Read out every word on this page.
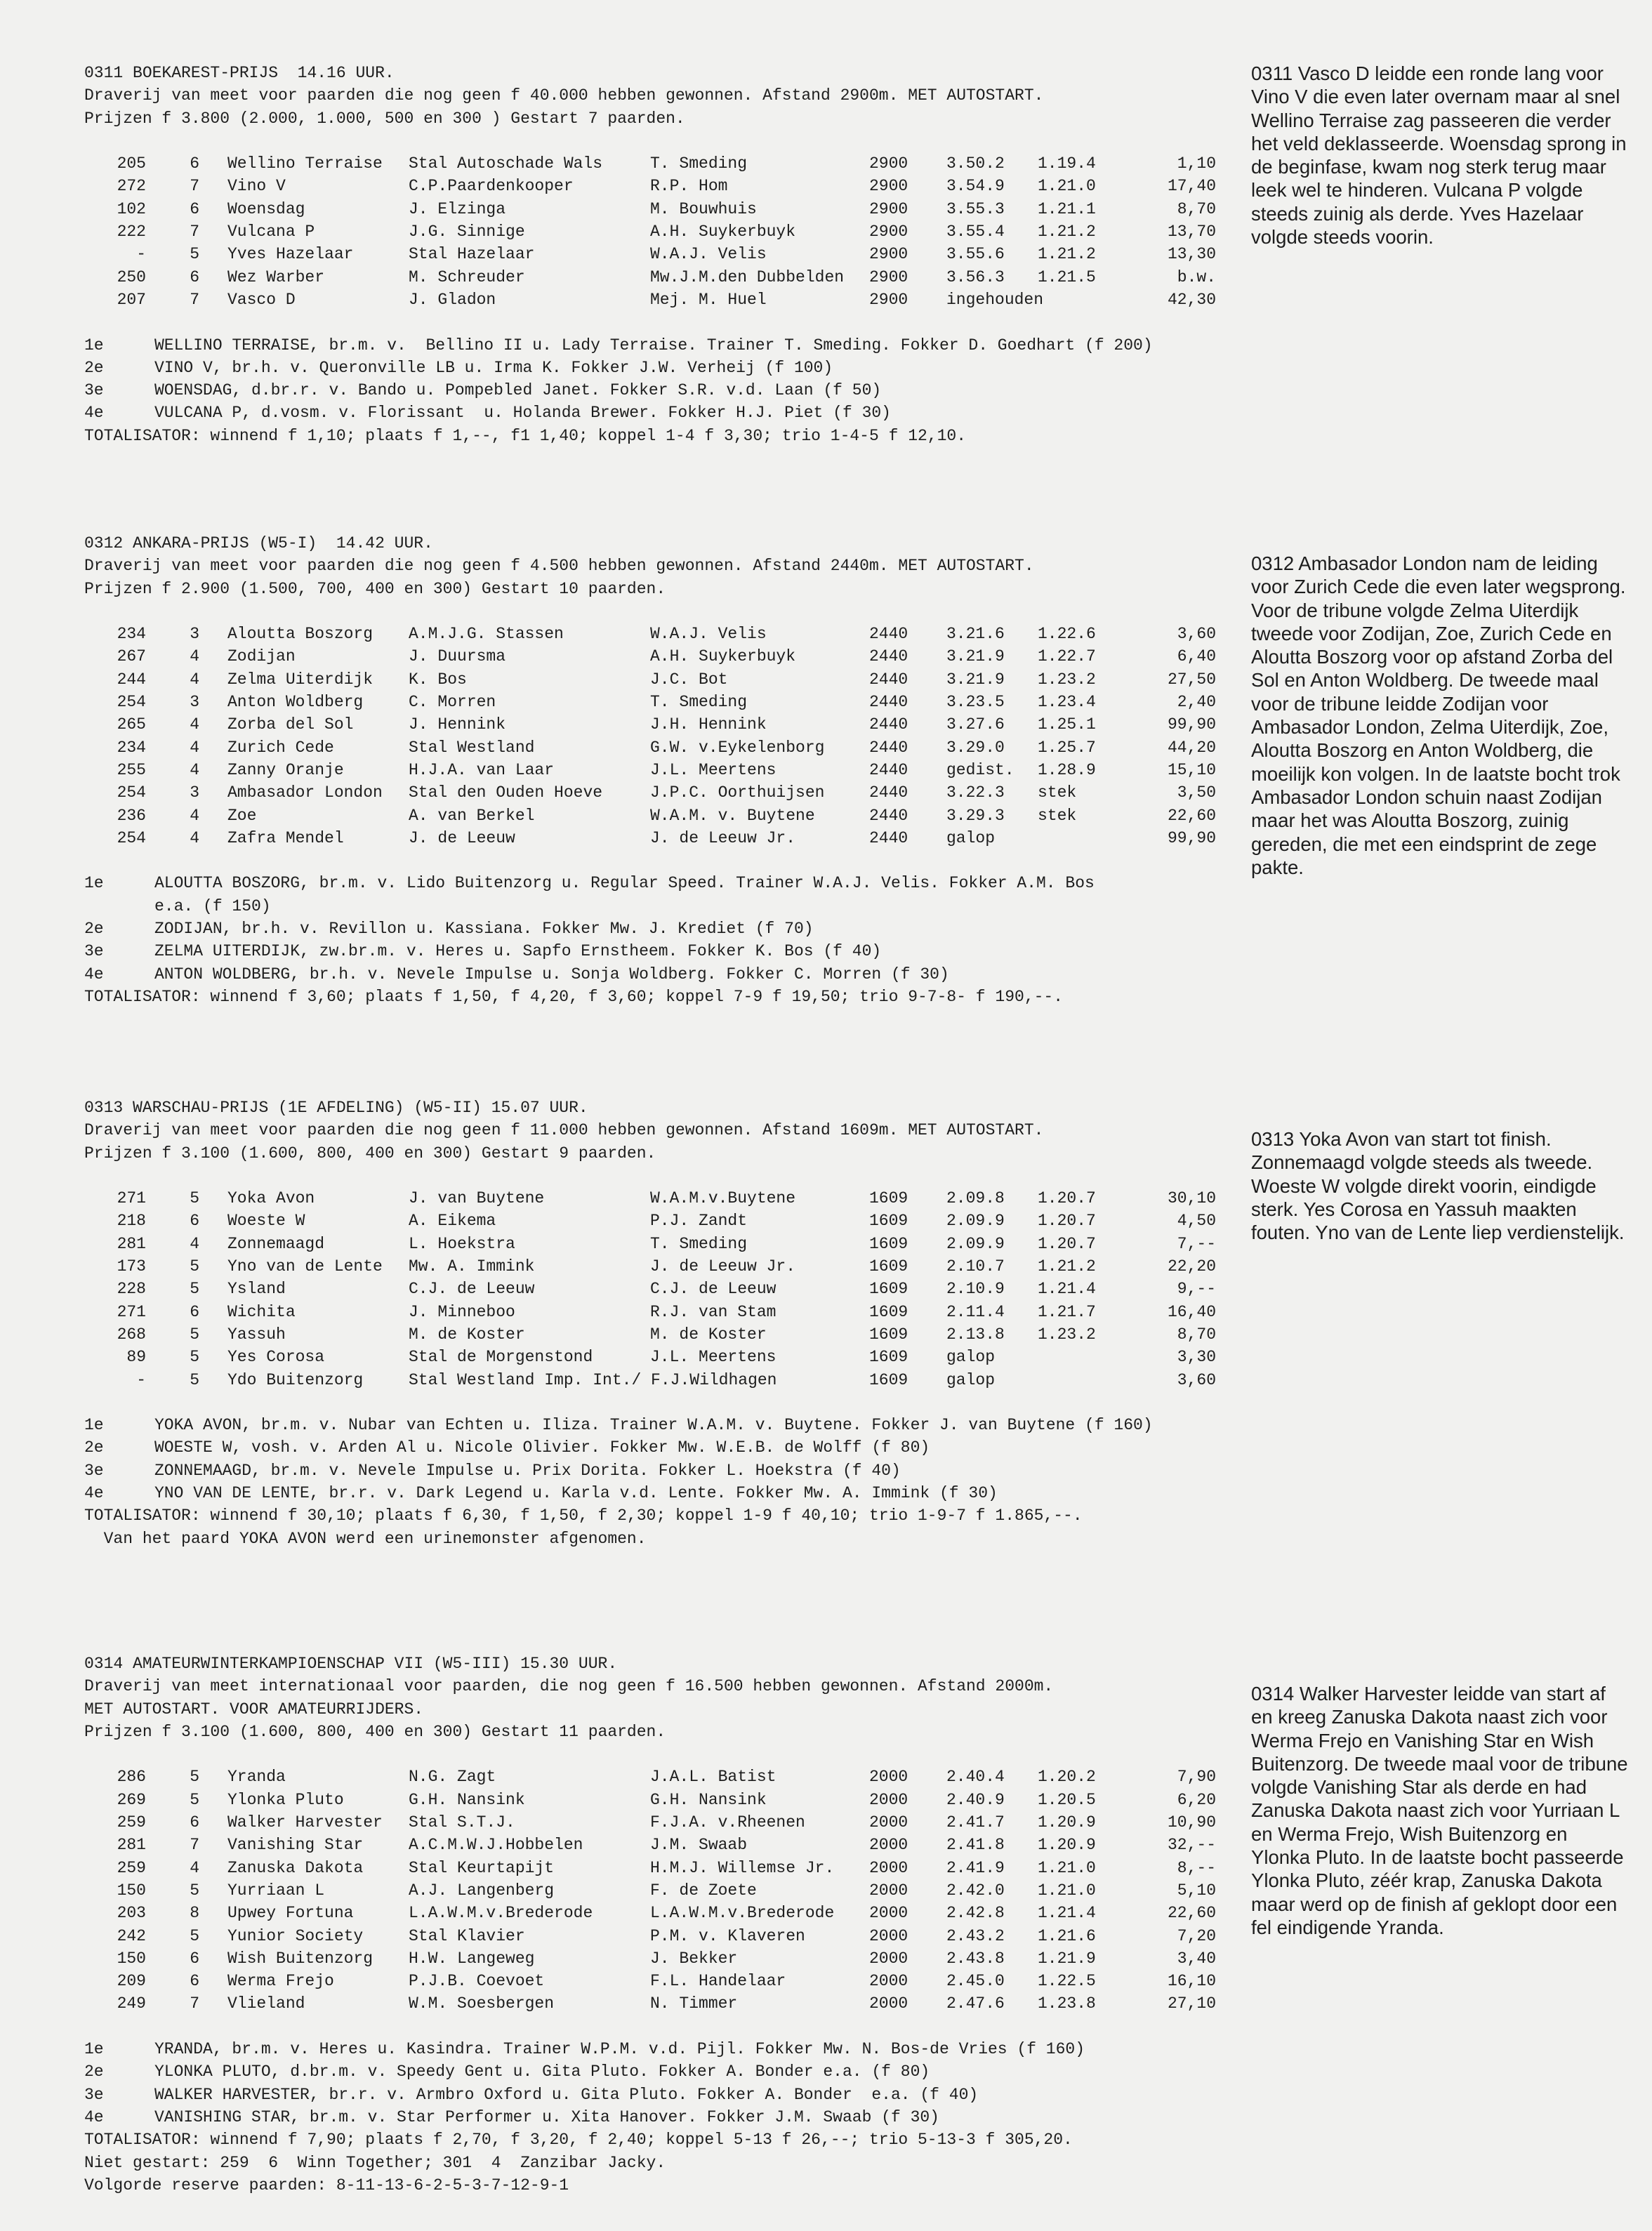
0311 BOEKAREST-PRIJS  14.16 UUR.
Draverij van meet voor paarden die nog geen f 40.000 hebben gewonnen. Afstand 2900m. MET AUTOSTART.
Prijzen f 3.800 (2.000, 1.000, 500 en 300 ) Gestart 7 paarden.
205	6	Wellino Terraise	Stal Autoschade Wals	T. Smeding	2900	3.50.2	1.19.4	1,10
272	7	Vino V	C.P.Paardenkooper	R.P. Hom	2900	3.54.9	1.21.0	17,40
102	6	Woensdag	J. Elzinga	M. Bouwhuis	2900	3.55.3	1.21.1	8,70
222	7	Vulcana P	J.G. Sinnige	A.H. Suykerbuyk	2900	3.55.4	1.21.2	13,70
-	5	Yves Hazelaar	Stal Hazelaar	W.A.J. Velis	2900	3.55.6	1.21.2	13,30
250	6	Wez Warber	M. Schreuder	Mw.J.M.den Dubbelden	2900	3.56.3	1.21.5	b.w.
207	7	Vasco D	J. Gladon	Mej. M. Huel	2900	ingehouden	42,30
1e	WELLINO TERRAISE, br.m. v.  Bellino II u. Lady Terraise. Trainer T. Smeding. Fokker D. Goedhart (f 200)
2e	VINO V, br.h. v. Queronville LB u. Irma K. Fokker J.W. Verheij (f 100)
3e	WOENSDAG, d.br.r. v. Bando u. Pompebled Janet. Fokker S.R. v.d. Laan (f 50)
4e	VULCANA P, d.vosm. v. Florissant  u. Holanda Brewer. Fokker H.J. Piet (f 30)
TOTALISATOR: winnend f 1,10; plaats f 1,--, f1 1,40; koppel 1-4 f 3,30; trio 1-4-5 f 12,10.

0312 ANKARA-PRIJS (W5-I)  14.42 UUR.
Draverij van meet voor paarden die nog geen f 4.500 hebben gewonnen. Afstand 2440m. MET AUTOSTART.
Prijzen f 2.900 (1.500, 700, 400 en 300) Gestart 10 paarden.
234	3	Aloutta Boszorg	A.M.J.G. Stassen	W.A.J. Velis	2440	3.21.6	1.22.6	3,60
267	4	Zodijan	J. Duursma	A.H. Suykerbuyk	2440	3.21.9	1.22.7	6,40
244	4	Zelma Uiterdijk	K. Bos	J.C. Bot	2440	3.21.9	1.23.2	27,50
254	3	Anton Woldberg	C. Morren	T. Smeding	2440	3.23.5	1.23.4	2,40
265	4	Zorba del Sol	J. Hennink	J.H. Hennink	2440	3.27.6	1.25.1	99,90
234	4	Zurich Cede	Stal Westland	G.W. v.Eykelenborg	2440	3.29.0	1.25.7	44,20
255	4	Zanny Oranje	H.J.A. van Laar	J.L. Meertens	2440	gedist.	1.28.9	15,10
254	3	Ambasador London	Stal den Ouden Hoeve	J.P.C. Oorthuijsen	2440	3.22.3	stek	3,50
236	4	Zoe	A. van Berkel	W.A.M. v. Buytene	2440	3.29.3	stek	22,60
254	4	Zafra Mendel	J. de Leeuw	J. de Leeuw Jr.	2440	galop	99,90
1e	ALOUTTA BOSZORG, br.m. v. Lido Buitenzorg u. Regular Speed. Trainer W.A.J. Velis. Fokker A.M. Bos
e.a. (f 150)
2e	ZODIJAN, br.h. v. Revillon u. Kassiana. Fokker Mw. J. Krediet (f 70)
3e	ZELMA UITERDIJK, zw.br.m. v. Heres u. Sapfo Ernstheem. Fokker K. Bos (f 40)
4e	ANTON WOLDBERG, br.h. v. Nevele Impulse u. Sonja Woldberg. Fokker C. Morren (f 30)
TOTALISATOR: winnend f 3,60; plaats f 1,50, f 4,20, f 3,60; koppel 7-9 f 19,50; trio 9-7-8- f 190,--.

0313 WARSCHAU-PRIJS (1E AFDELING) (W5-II) 15.07 UUR.
Draverij van meet voor paarden die nog geen f 11.000 hebben gewonnen. Afstand 1609m. MET AUTOSTART.
Prijzen f 3.100 (1.600, 800, 400 en 300) Gestart 9 paarden.
271	5	Yoka Avon	J. van Buytene	W.A.M.v.Buytene	1609	2.09.8	1.20.7	30,10
218	6	Woeste W	A. Eikema	P.J. Zandt	1609	2.09.9	1.20.7	4,50
281	4	Zonnemaagd	L. Hoekstra	T. Smeding	1609	2.09.9	1.20.7	7,--
173	5	Yno van de Lente	Mw. A. Immink	J. de Leeuw Jr.	1609	2.10.7	1.21.2	22,20
228	5	Ysland	C.J. de Leeuw	C.J. de Leeuw	1609	2.10.9	1.21.4	9,--
271	6	Wichita	J. Minneboo	R.J. van Stam	1609	2.11.4	1.21.7	16,40
268	5	Yassuh	M. de Koster	M. de Koster	1609	2.13.8	1.23.2	8,70
89	5	Yes Corosa	Stal de Morgenstond	J.L. Meertens	1609	galop	3,30
-	5	Ydo Buitenzorg	Stal Westland Imp. Int./ F.J.Wildhagen	1609	galop	3,60
1e	YOKA AVON, br.m. v. Nubar van Echten u. Iliza. Trainer W.A.M. v. Buytene. Fokker J. van Buytene (f 160)
2e	WOESTE W, vosh. v. Arden Al u. Nicole Olivier. Fokker Mw. W.E.B. de Wolff (f 80)
3e	ZONNEMAAGD, br.m. v. Nevele Impulse u. Prix Dorita. Fokker L. Hoekstra (f 40)
4e	YNO VAN DE LENTE, br.r. v. Dark Legend u. Karla v.d. Lente. Fokker Mw. A. Immink (f 30)
TOTALISATOR: winnend f 30,10; plaats f 6,30, f 1,50, f 2,30; koppel 1-9 f 40,10; trio 1-9-7 f 1.865,--.
Van het paard YOKA AVON werd een urinemonster afgenomen.

0314 AMATEURWINTERKAMPIOENSCHAP VII (W5-III) 15.30 UUR.
Draverij van meet internationaal voor paarden, die nog geen f 16.500 hebben gewonnen. Afstand 2000m.
MET AUTOSTART. VOOR AMATEURRIJDERS.
Prijzen f 3.100 (1.600, 800, 400 en 300) Gestart 11 paarden.
286	5	Yranda	N.G. Zagt	J.A.L. Batist	2000	2.40.4	1.20.2	7,90
269	5	Ylonka Pluto	G.H. Nansink	G.H. Nansink	2000	2.40.9	1.20.5	6,20
259	6	Walker Harvester	Stal S.T.J.	F.J.A. v.Rheenen	2000	2.41.7	1.20.9	10,90
281	7	Vanishing Star	A.C.M.W.J.Hobbelen	J.M. Swaab	2000	2.41.8	1.20.9	32,--
259	4	Zanuska Dakota	Stal Keurtapijt	H.M.J. Willemse Jr.	2000	2.41.9	1.21.0	8,--
150	5	Yurriaan L	A.J. Langenberg	F. de Zoete	2000	2.42.0	1.21.0	5,10
203	8	Upwey Fortuna	L.A.W.M.v.Brederode	L.A.W.M.v.Brederode	2000	2.42.8	1.21.4	22,60
242	5	Yunior Society	Stal Klavier	P.M. v. Klaveren	2000	2.43.2	1.21.6	7,20
150	6	Wish Buitenzorg	H.W. Langeweg	J. Bekker	2000	2.43.8	1.21.9	3,40
209	6	Werma Frejo	P.J.B. Coevoet	F.L. Handelaar	2000	2.45.0	1.22.5	16,10
249	7	Vlieland	W.M. Soesbergen	N. Timmer	2000	2.47.6	1.23.8	27,10
1e	YRANDA, br.m. v. Heres u. Kasindra. Trainer W.P.M. v.d. Pijl. Fokker Mw. N. Bos-de Vries (f 160)
2e	YLONKA PLUTO, d.br.m. v. Speedy Gent u. Gita Pluto. Fokker A. Bonder e.a. (f 80)
3e	WALKER HARVESTER, br.r. v. Armbro Oxford u. Gita Pluto. Fokker A. Bonder  e.a. (f 40)
4e	VANISHING STAR, br.m. v. Star Performer u. Xita Hanover. Fokker J.M. Swaab (f 30)
TOTALISATOR: winnend f 7,90; plaats f 2,70, f 3,20, f 2,40; koppel 5-13 f 26,--; trio 5-13-3 f 305,20.
Niet gestart: 259  6  Winn Together; 301  4  Zanzibar Jacky.
Volgorde reserve paarden: 8-11-13-6-2-5-3-7-12-9-1

0311 Vasco D leidde een ronde lang voor Vino V die even later overnam maar al snel Wellino Terraise zag passeeren die verder het veld deklasseerde. Woensdag sprong in de beginfase, kwam nog sterk terug maar leek wel te hinderen. Vulcana P volgde steeds zuinig als derde. Yves Hazelaar volgde steeds voorin.
0312 Ambasador London nam de leiding voor Zurich Cede die even later wegsprong. Voor de tribune volgde Zelma Uiterdijk tweede voor Zodijan, Zoe, Zurich Cede en Aloutta Boszorg voor op afstand Zorba del Sol en Anton Woldberg. De tweede maal voor de tribune leidde Zodijan voor Ambasador London, Zelma Uiterdijk, Zoe, Aloutta Boszorg en Anton Woldberg, die moeilijk kon volgen. In de laatste bocht trok Ambasador London schuin naast Zodijan maar het was Aloutta Boszorg, zuinig gereden, die met een eindsprint de zege pakte.
0313 Yoka Avon van start tot finish. Zonnemaagd volgde steeds als tweede. Woeste W volgde direkt voorin, eindigde sterk. Yes Corosa en Yassuh maakten fouten. Yno van de Lente liep verdienstelijk.
0314 Walker Harvester leidde van start af en kreeg Zanuska Dakota naast zich voor Werma Frejo en Vanishing Star en Wish Buitenzorg. De tweede maal voor de tribune volgde Vanishing Star als derde en had Zanuska Dakota naast zich voor Yurriaan L en Werma Frejo, Wish Buitenzorg en Ylonka Pluto. In de laatste bocht passeerde Ylonka Pluto, zéér krap, Zanuska Dakota maar werd op de finish af geklopt door een fel eindigende Yranda.
